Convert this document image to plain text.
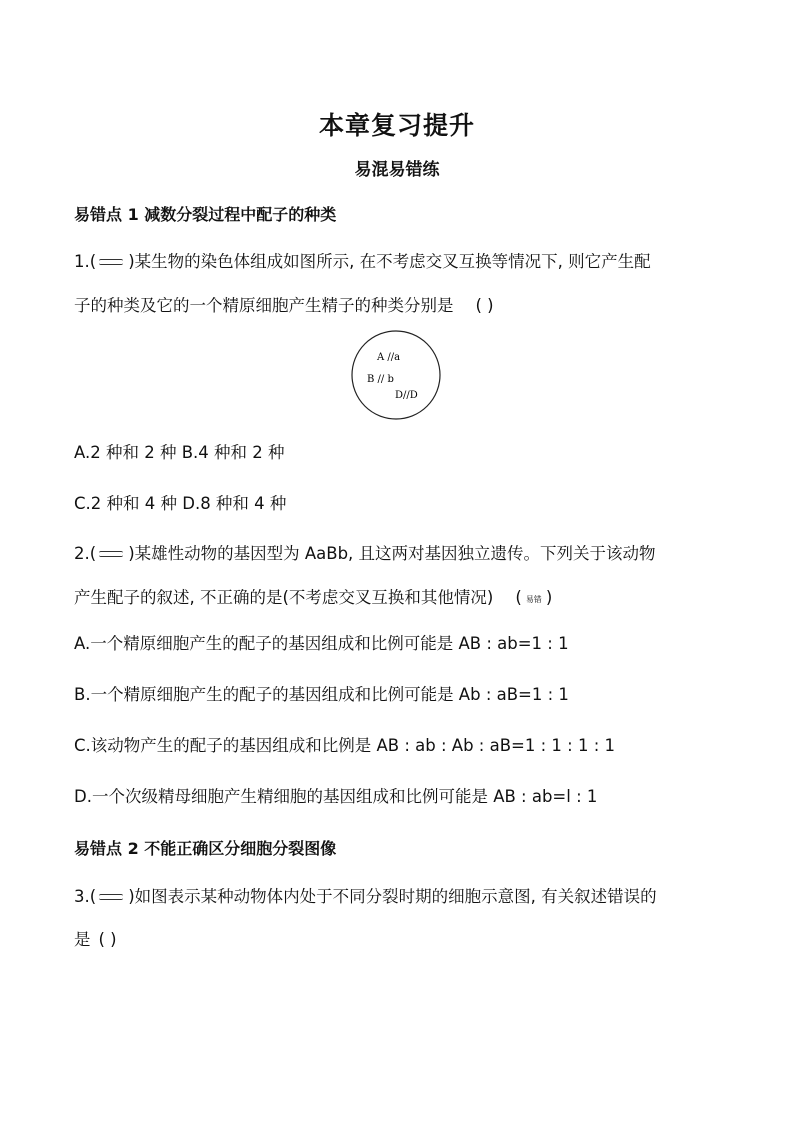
本章复习提升
易混易错练
易错点 1 减数分裂过程中配子的种类
1.( )某生物的染色体组成如图所示, 在不考虑交叉互换等情况下, 则它产生配
子的种类及它的一个精原细胞产生精子的种类分别是 ( )
A //a
B // b
D//D
A.2 种和 2 种 B.4 种和 2 种
C.2 种和 4 种 D.8 种和 4 种
2.( )某雄性动物的基因型为 AaBb, 且这两对基因独立遗传。下列关于该动物
产生配子的叙述, 不正确的是(不考虑交叉互换和其他情况) ( 易错 )
A.一个精原细胞产生的配子的基因组成和比例可能是 AB : ab=1 : 1
B.一个精原细胞产生的配子的基因组成和比例可能是 Ab : aB=1 : 1
C.该动物产生的配子的基因组成和比例是 AB : ab : Ab : aB=1 : 1 : 1 : 1
D.一个次级精母细胞产生精细胞的基因组成和比例可能是 AB : ab=l : 1
易错点 2 不能正确区分细胞分裂图像
3.( )如图表示某种动物体内处于不同分裂时期的细胞示意图, 有关叙述错误的
是 ( )
